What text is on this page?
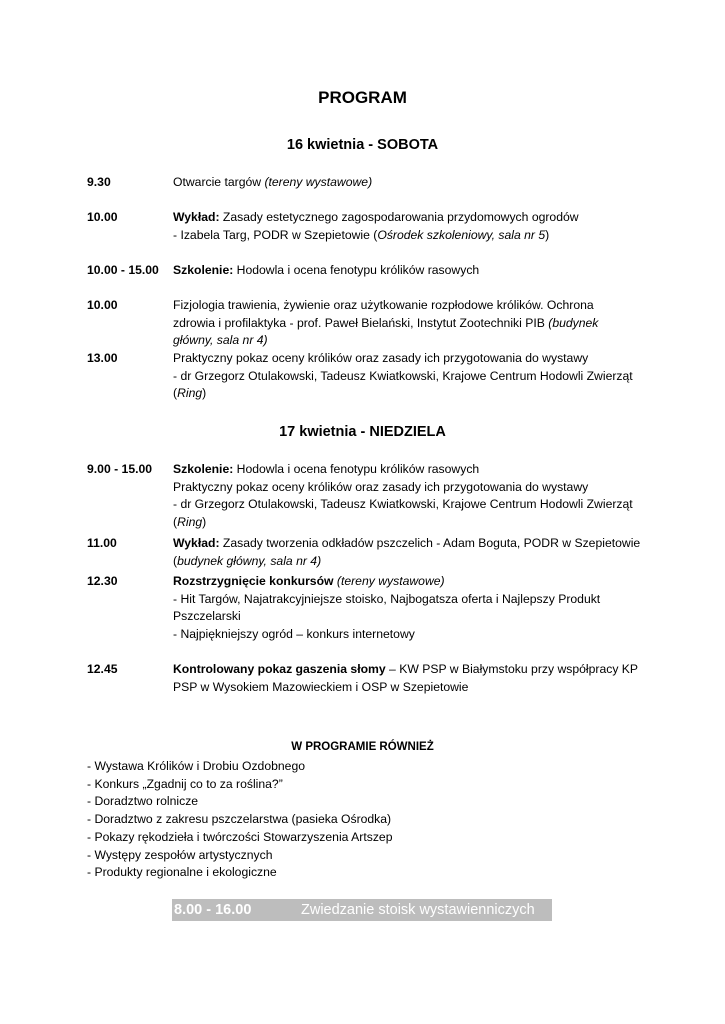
PROGRAM
16 kwietnia - SOBOTA
9.30	Otwarcie targów (tereny wystawowe)
10.00	Wykład: Zasady estetycznego zagospodarowania przydomowych ogrodów
- Izabela Targ, PODR w Szepietowie (Ośrodek szkoleniowy, sala nr 5)
10.00 - 15.00	Szkolenie: Hodowla i ocena fenotypu królików rasowych
10.00	Fizjologia trawienia, żywienie oraz użytkowanie rozpłodowe królików. Ochrona
zdrowia i profilaktyka - prof. Paweł Bielański, Instytut Zootechniki PIB (budynek
główny, sala nr 4)
13.00	Praktyczny pokaz oceny królików oraz zasady ich przygotowania do wystawy
- dr Grzegorz Otulakowski, Tadeusz Kwiatkowski, Krajowe Centrum Hodowli Zwierząt
(Ring)
17 kwietnia - NIEDZIELA
9.00 - 15.00	Szkolenie: Hodowla i ocena fenotypu królików rasowych
Praktyczny pokaz oceny królików oraz zasady ich przygotowania do wystawy
- dr Grzegorz Otulakowski, Tadeusz Kwiatkowski, Krajowe Centrum Hodowli Zwierząt
(Ring)
11.00	Wykład: Zasady tworzenia odkładów pszczelich - Adam Boguta, PODR w Szepietowie
(budynek główny, sala nr 4)
12.30	Rozstrzygnięcie konkursów (tereny wystawowe)
- Hit Targów, Najatrakcyjniejsze stoisko, Najbogatsza oferta i Najlepszy Produkt
Pszczelarski
- Najpiękniejszy ogród – konkurs internetowy
12.45	Kontrolowany pokaz gaszenia słomy – KW PSP w Białymstoku przy współpracy KP
PSP w Wysokiem Mazowieckiem i OSP w Szepietowie
W PROGRAMIE RÓWNIEŻ
- Wystawa Królików i Drobiu Ozdobnego
- Konkurs „Zgadnij co to za roślina?”
- Doradztwo rolnicze
- Doradztwo z zakresu pszczelarstwa (pasieka Ośrodka)
- Pokazy rękodzieła i twórczości Stowarzyszenia Artszep
- Występy zespołów artystycznych
- Produkty regionalne i ekologiczne
8.00 - 16.00	Zwiedzanie stoisk wystawienniczych
